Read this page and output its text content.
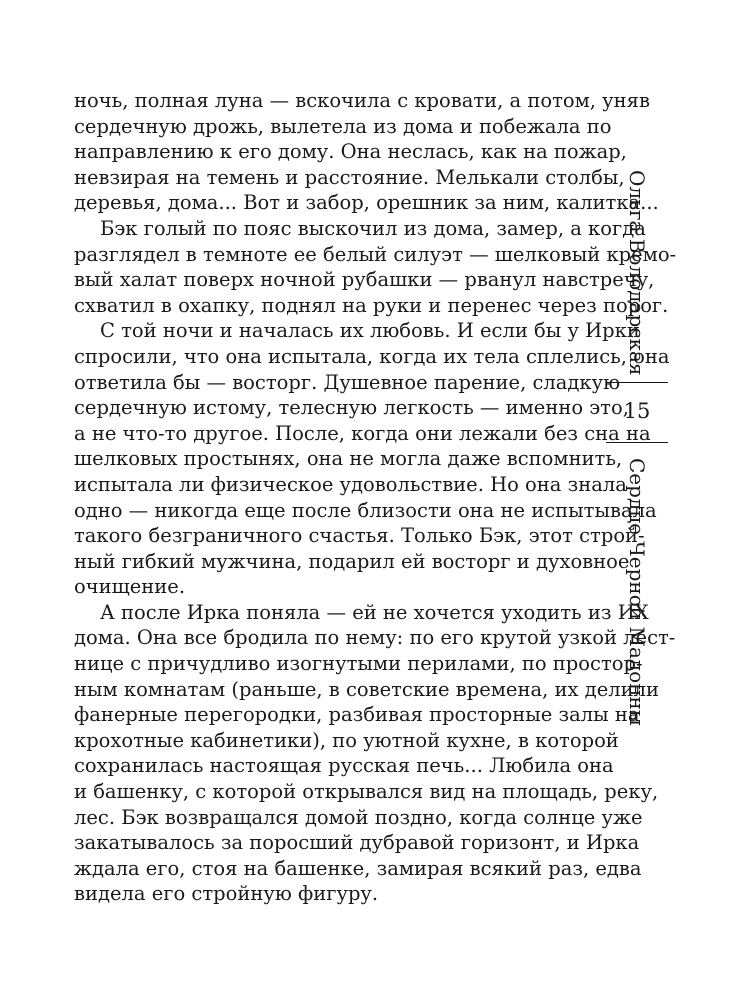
ночь, полная луна — вскочила с кровати, а потом, уняв
сердечную дрожь, вылетела из дома и побежала по
направлению к его дому. Она неслась, как на пожар,
невзирая на темень и расстояние. Мелькали столбы,
деревья, дома... Вот и забор, орешник за ним, калитка...
Бэк голый по пояс выскочил из дома, замер, а когда
разглядел в темноте ее белый силуэт — шелковый кремо-
вый халат поверх ночной рубашки — рванул навстречу,
схватил в охапку, поднял на руки и перенес через порог.
С той ночи и началась их любовь. И если бы у Ирки
спросили, что она испытала, когда их тела сплелись, она
ответила бы — восторг. Душевное парение, сладкую
сердечную истому, телесную легкость — именно это,
а не что-то другое. После, когда они лежали без сна на
шелковых простынях, она не могла даже вспомнить,
испытала ли физическое удовольствие. Но она знала
одно — никогда еще после близости она не испытывала
такого безграничного счастья. Только Бэк, этот строй-
ный гибкий мужчина, подарил ей восторг и духовное
очищение.
А после Ирка поняла — ей не хочется уходить из ИХ
дома. Она все бродила по нему: по его крутой узкой лест-
нице с причудливо изогнутыми перилами, по простор-
ным комнатам (раньше, в советские времена, их делили
фанерные перегородки, разбивая просторные залы на
крохотные кабинетики), по уютной кухне, в которой
сохранилась настоящая русская печь... Любила она
и башенку, с которой открывался вид на площадь, реку,
лес. Бэк возвращался домой поздно, когда солнце уже
закатывалось за поросший дубравой горизонт, и Ирка
ждала его, стоя на башенке, замирая всякий раз, едва
видела его стройную фигуру.
Ольга Володарская
15
Сердце Черной Мадонны
